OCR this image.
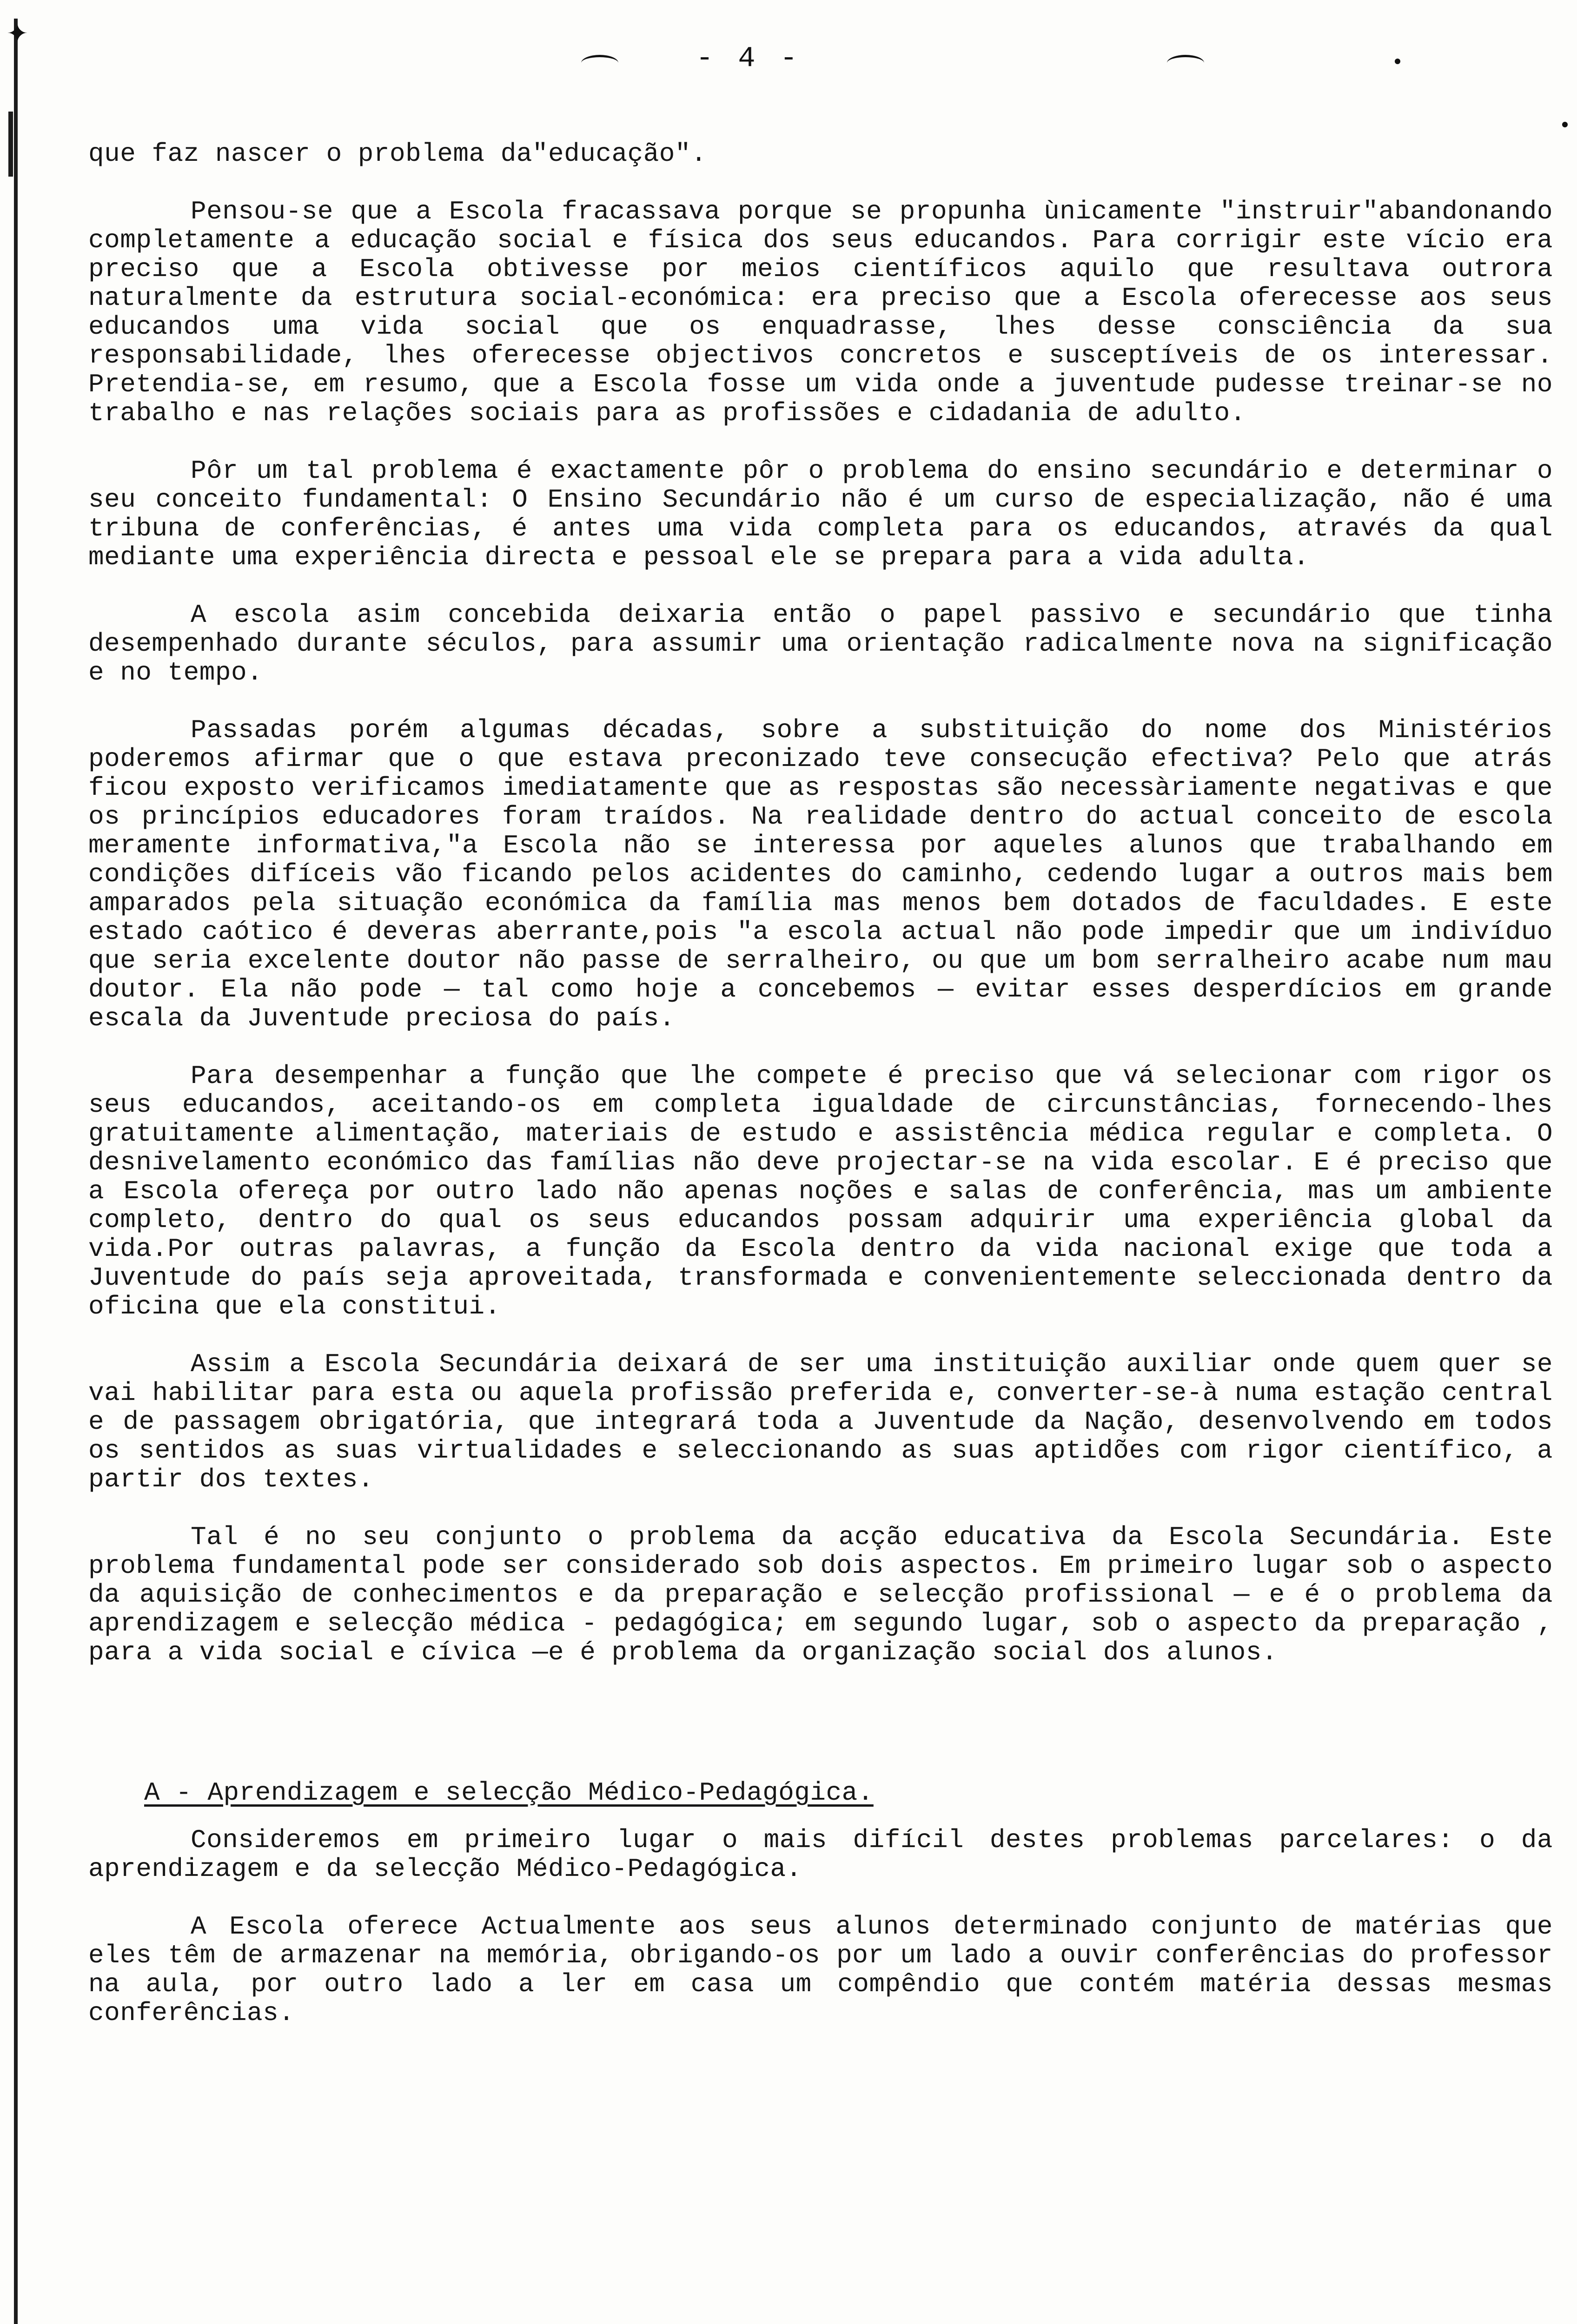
✦
- 4 -

que faz nascer o problema da"educação".

Pensou-se que a Escola fracassava porque se propunha ùnicamente "instruir"abandonando completamente a educação social e física dos seus educandos. Para corrigir este vício era preciso que a Escola obtivesse por meios científicos aquilo que resultava outrora naturalmente da estrutura social-económica: era preciso que a Escola oferecesse aos seus educandos uma vida social que os enquadrasse, lhes desse consciência da sua responsabilidade, lhes oferecesse objectivos concretos e susceptíveis de os interessar. Pretendia-se, em resumo, que a Escola fosse um vida onde a juventude pudesse treinar-se no trabalho e nas relações sociais para as profissões e cidadania de adulto.

Pôr um tal problema é exactamente pôr o problema do ensino secundário e determinar o seu conceito fundamental: O Ensino Secundário não é um curso de especialização, não é uma tribuna de conferências, é antes uma vida completa para os educandos, através da qual mediante uma experiência directa e pessoal ele se prepara para a vida adulta.

A escola asim concebida deixaria então o papel passivo e secundário que tinha desempenhado durante séculos, para assumir uma orientação radicalmente nova na significação e no tempo.

Passadas porém algumas décadas, sobre a substituição do nome dos Ministérios poderemos afirmar que o que estava preconizado teve consecução efectiva? Pelo que atrás ficou exposto verificamos imediatamente que as respostas são necessàriamente negativas e que os princípios educadores foram traídos. Na realidade dentro do actual conceito de escola meramente informativa,"a Escola não se interessa por aqueles alunos que trabalhando em condições difíceis vão ficando pelos acidentes do caminho, cedendo lugar a outros mais bem amparados pela situação económica da família mas menos bem dotados de faculdades. E este estado caótico é deveras aberrante,pois "a escola actual não pode impedir que um indivíduo que seria excelente doutor não passe de serralheiro, ou que um bom serralheiro acabe num mau doutor. Ela não pode — tal como hoje a concebemos — evitar esses desperdícios em grande escala da Juventude preciosa do país.

Para desempenhar a função que lhe compete é preciso que vá selecionar com rigor os seus educandos, aceitando-os em completa igualdade de circunstâncias, fornecendo-lhes gratuitamente alimentação, materiais de estudo e assistência médica regular e completa. O desnivelamento económico das famílias não deve projectar-se na vida escolar. E é preciso que a Escola ofereça por outro lado não apenas noções e salas de conferência, mas um ambiente completo, dentro do qual os seus educandos possam adquirir uma experiência global da vida.Por outras palavras, a função da Escola dentro da vida nacional exige que toda a Juventude do país seja aproveitada, transformada e convenientemente seleccionada dentro da oficina que ela constitui.

Assim a Escola Secundária deixará de ser uma instituição auxiliar onde quem quer se vai habilitar para esta ou aquela profissão preferida e, converter-se-à numa estação central e de passagem obrigatória, que integrará toda a Juventude da Nação, desenvolvendo em todos os sentidos as suas virtualidades e seleccionando as suas aptidões com rigor científico, a partir dos textes.

Tal é no seu conjunto o problema da acção educativa da Escola Secundária. Este problema fundamental pode ser considerado sob dois aspectos. Em primeiro lugar sob o aspecto da aquisição de conhecimentos e da preparação e selecção profissional — e é o problema da aprendizagem e selecção médica - pedagógica; em segundo lugar, sob o aspecto da preparação , para a vida social e cívica —e é problema da organização social dos alunos.

A - Aprendizagem e selecção Médico-Pedagógica.

Consideremos em primeiro lugar o mais difícil destes problemas parcelares: o da aprendizagem e da selecção Médico-Pedagógica.

A Escola oferece Actualmente aos seus alunos determinado conjunto de matérias que eles têm de armazenar na memória, obrigando-os por um lado a ouvir conferências do professor na aula, por outro lado a ler em casa um compêndio que contém matéria dessas mesmas conferências.
